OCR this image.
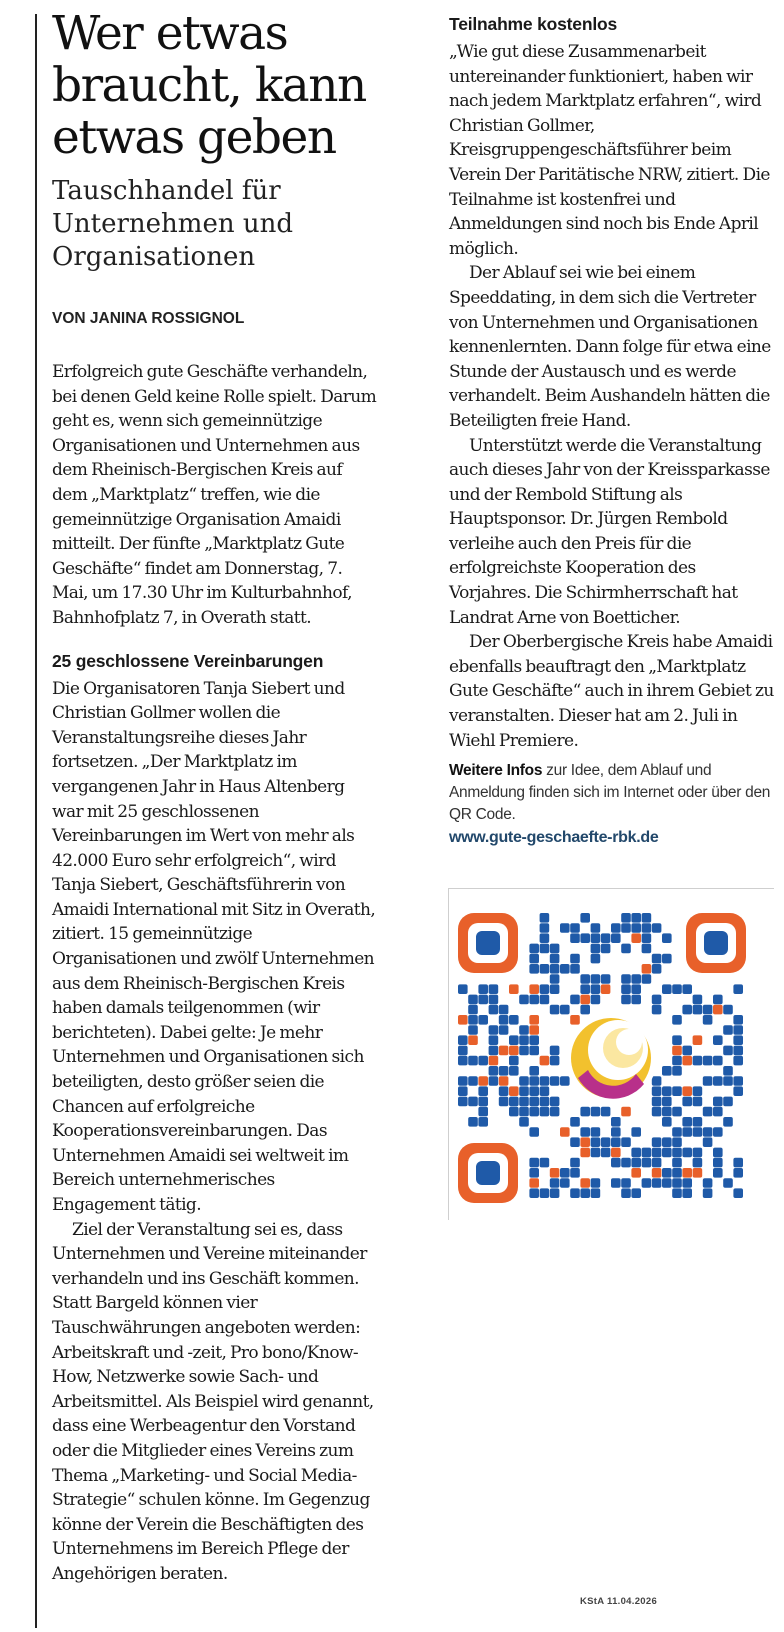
Wer etwas braucht, kann etwas geben
Tauschhandel für Unternehmen und Organisationen
VON JANINA ROSSIGNOL

Erfolgreich gute Geschäfte verhandeln, bei denen Geld keine Rolle spielt. Darum geht es, wenn sich gemeinnützige Organisationen und Unternehmen aus dem Rheinisch-Bergischen Kreis auf dem „Marktplatz“ treffen, wie die gemeinnützige Organisation Amaidi mitteilt. Der fünfte „Marktplatz Gute Geschäfte“ findet am Donnerstag, 7. Mai, um 17.30 Uhr im Kulturbahnhof, Bahnhofplatz 7, in Overath statt.

25 geschlossene Vereinbarungen

Die Organisatoren Tanja Siebert und Christian Gollmer wollen die Veranstaltungsreihe dieses Jahr fortsetzen. „Der Marktplatz im vergangenen Jahr in Haus Altenberg war mit 25 geschlossenen Vereinbarungen im Wert von mehr als 42.000 Euro sehr erfolgreich“, wird Tanja Siebert, Geschäftsführerin von Amaidi International mit Sitz in Overath, zitiert. 15 gemeinnützige Organisationen und zwölf Unternehmen aus dem Rheinisch-Bergischen Kreis haben damals teilgenommen (wir berichteten). Dabei gelte: Je mehr Unternehmen und Organisationen sich beteiligten, desto größer seien die Chancen auf erfolgreiche Kooperationsvereinbarungen. Das Unternehmen Amaidi sei weltweit im Bereich unternehmerisches Engagement tätig.

Ziel der Veranstaltung sei es, dass Unternehmen und Vereine miteinander verhandeln und ins Geschäft kommen. Statt Bargeld können vier Tauschwährungen angeboten werden: Arbeitskraft und -zeit, Pro bono/Know-How, Netzwerke sowie Sach- und Arbeitsmittel. Als Beispiel wird genannt, dass eine Werbeagentur den Vorstand oder die Mitglieder eines Vereins zum Thema „Marketing- und Social Media-Strategie“ schulen könne. Im Gegenzug könne der Verein die Beschäftigten des Unternehmens im Bereich Pflege der Angehörigen beraten.

Teilnahme kostenlos

„Wie gut diese Zusammenarbeit untereinander funktioniert, haben wir nach jedem Marktplatz erfahren“, wird Christian Gollmer, Kreisgruppengeschäftsführer beim Verein Der Paritätische NRW, zitiert. Die Teilnahme ist kostenfrei und Anmeldungen sind noch bis Ende April möglich.

Der Ablauf sei wie bei einem Speeddating, in dem sich die Vertreter von Unternehmen und Organisationen kennenlernten. Dann folge für etwa eine Stunde der Austausch und es werde verhandelt. Beim Aushandeln hätten die Beteiligten freie Hand.

Unterstützt werde die Veranstaltung auch dieses Jahr von der Kreissparkasse und der Rembold Stiftung als Hauptsponsor. Dr. Jürgen Rembold verleihe auch den Preis für die erfolgreichste Kooperation des Vorjahres. Die Schirmherrschaft hat Landrat Arne von Boetticher.

Der Oberbergische Kreis habe Amaidi ebenfalls beauftragt den „Marktplatz Gute Geschäfte“ auch in ihrem Gebiet zu veranstalten. Dieser hat am 2. Juli in Wiehl Premiere.

Weitere Infos zur Idee, dem Ablauf und Anmeldung finden sich im Internet oder über den QR Code.
www.gute-geschaefte-rbk.de
KStA 11.04.2026
